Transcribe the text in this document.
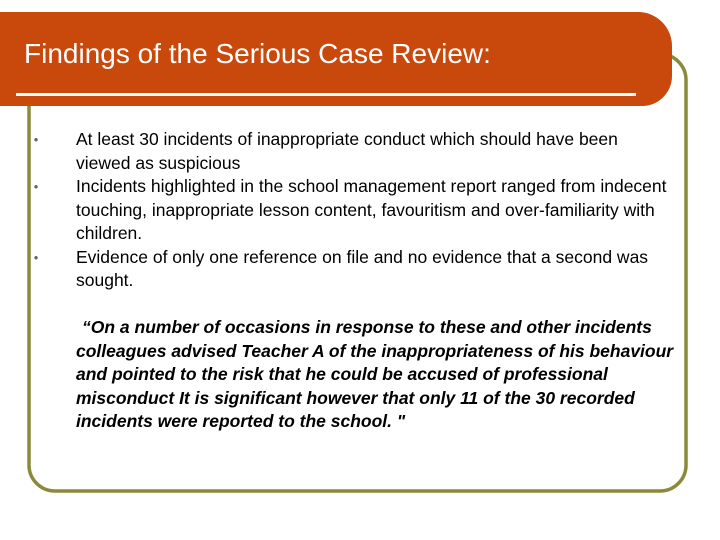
Findings of the Serious Case Review:
• At least 30 incidents of inappropriate conduct which should have been viewed as suspicious
• Incidents highlighted in the school management report ranged from indecent touching, inappropriate lesson content, favouritism and over-familiarity with children.
• Evidence of only one reference on file and no evidence that a second was sought.

“On a number of occasions in response to these and other incidents colleagues advised Teacher A of the inappropriateness of his behaviour and pointed to the risk that he could be accused of professional misconduct It is significant however that only 11 of the 30 recorded incidents were reported to the school. "
